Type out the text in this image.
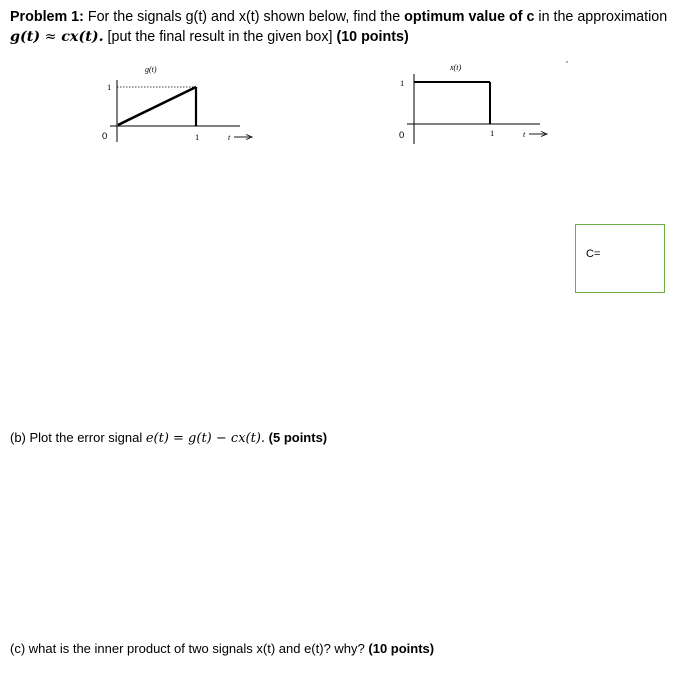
Problem 1: For the signals g(t) and x(t) shown below, find the optimum value of c in the approximation
g(t) ≈ cx(t). [put the final result in the given box] (10 points)
g(t)
1
0	1	t
x(t)
1
0	1	t
C=

(b) Plot the error signal e(t) = g(t) − cx(t). (5 points)

(c) what is the inner product of two signals x(t) and e(t)? why? (10 points)
